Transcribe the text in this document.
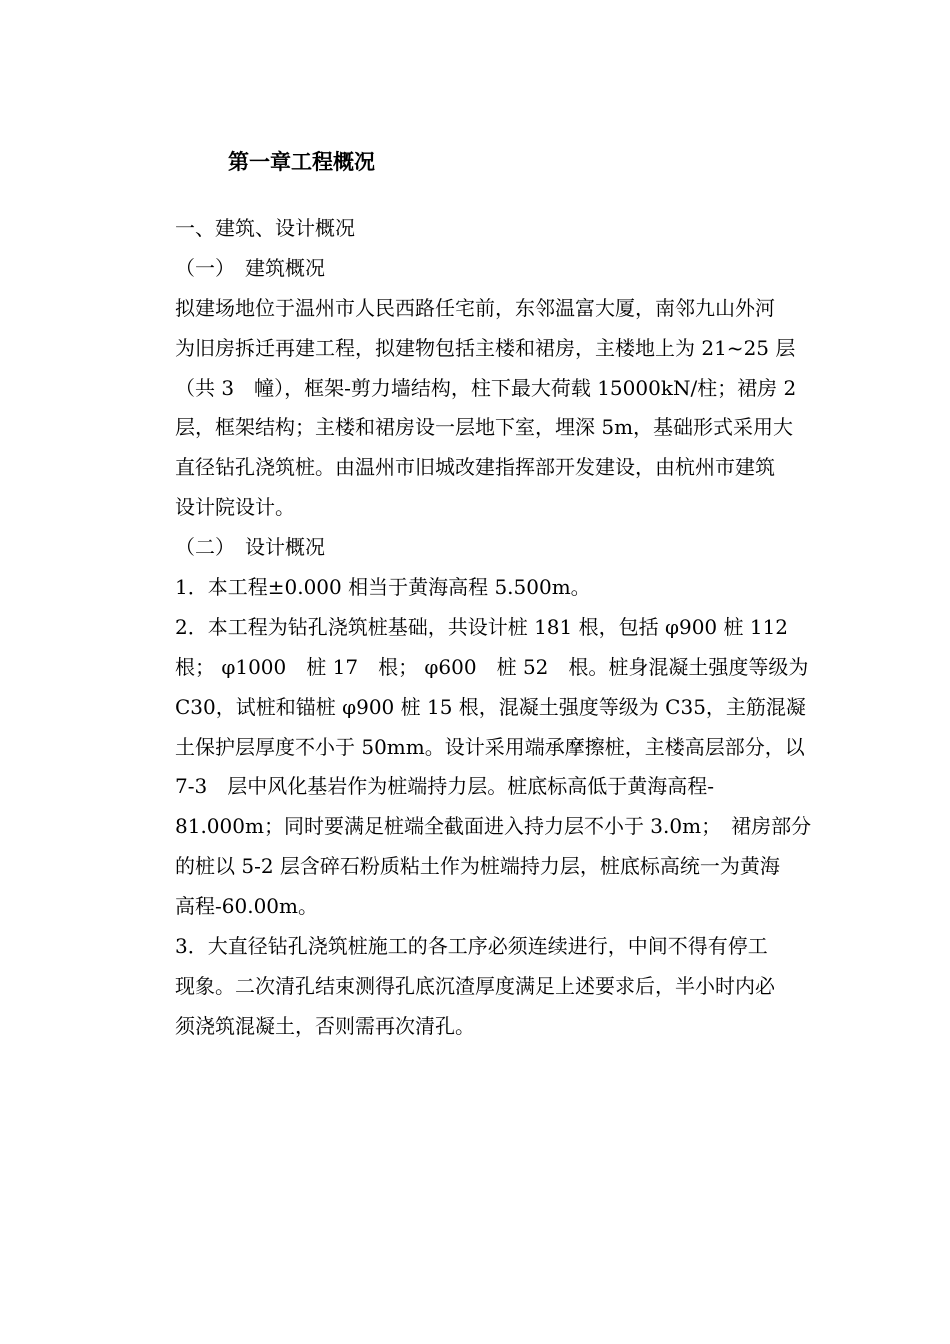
第一章工程概况
一、建筑、设计概况
（一）　建筑概况
拟建场地位于温州市人民西路任宅前，东邻温富大厦，南邻九山外河
为旧房拆迁再建工程，拟建物包括主楼和裙房，主楼地上为 21~25 层
（共 3　幢），框架-剪力墙结构，柱下最大荷载 15000kN/柱；裙房 2
层，框架结构；主楼和裙房设一层地下室，埋深 5m，基础形式采用大
直径钻孔浇筑桩。由温州市旧城改建指挥部开发建设，由杭州市建筑
设计院设计。
（二）　设计概况
1．本工程±0.000 相当于黄海高程 5.500m。
2．本工程为钻孔浇筑桩基础，共设计桩 181 根，包括 φ900 桩 112
根； φ1000　桩 17　根； φ600　桩 52　根。桩身混凝土强度等级为
C30，试桩和锚桩 φ900 桩 15 根，混凝土强度等级为 C35，主筋混凝
土保护层厚度不小于 50mm。设计采用端承摩擦桩，主楼高层部分，以
7-3　层中风化基岩作为桩端持力层。桩底标高低于黄海高程-
81.000m；同时要满足桩端全截面进入持力层不小于 3.0m；　裙房部分
的桩以 5-2 层含碎石粉质粘土作为桩端持力层，桩底标高统一为黄海
高程-60.00m。
3．大直径钻孔浇筑桩施工的各工序必须连续进行，中间不得有停工
现象。二次清孔结束测得孔底沉渣厚度满足上述要求后，半小时内必
须浇筑混凝土，否则需再次清孔。
